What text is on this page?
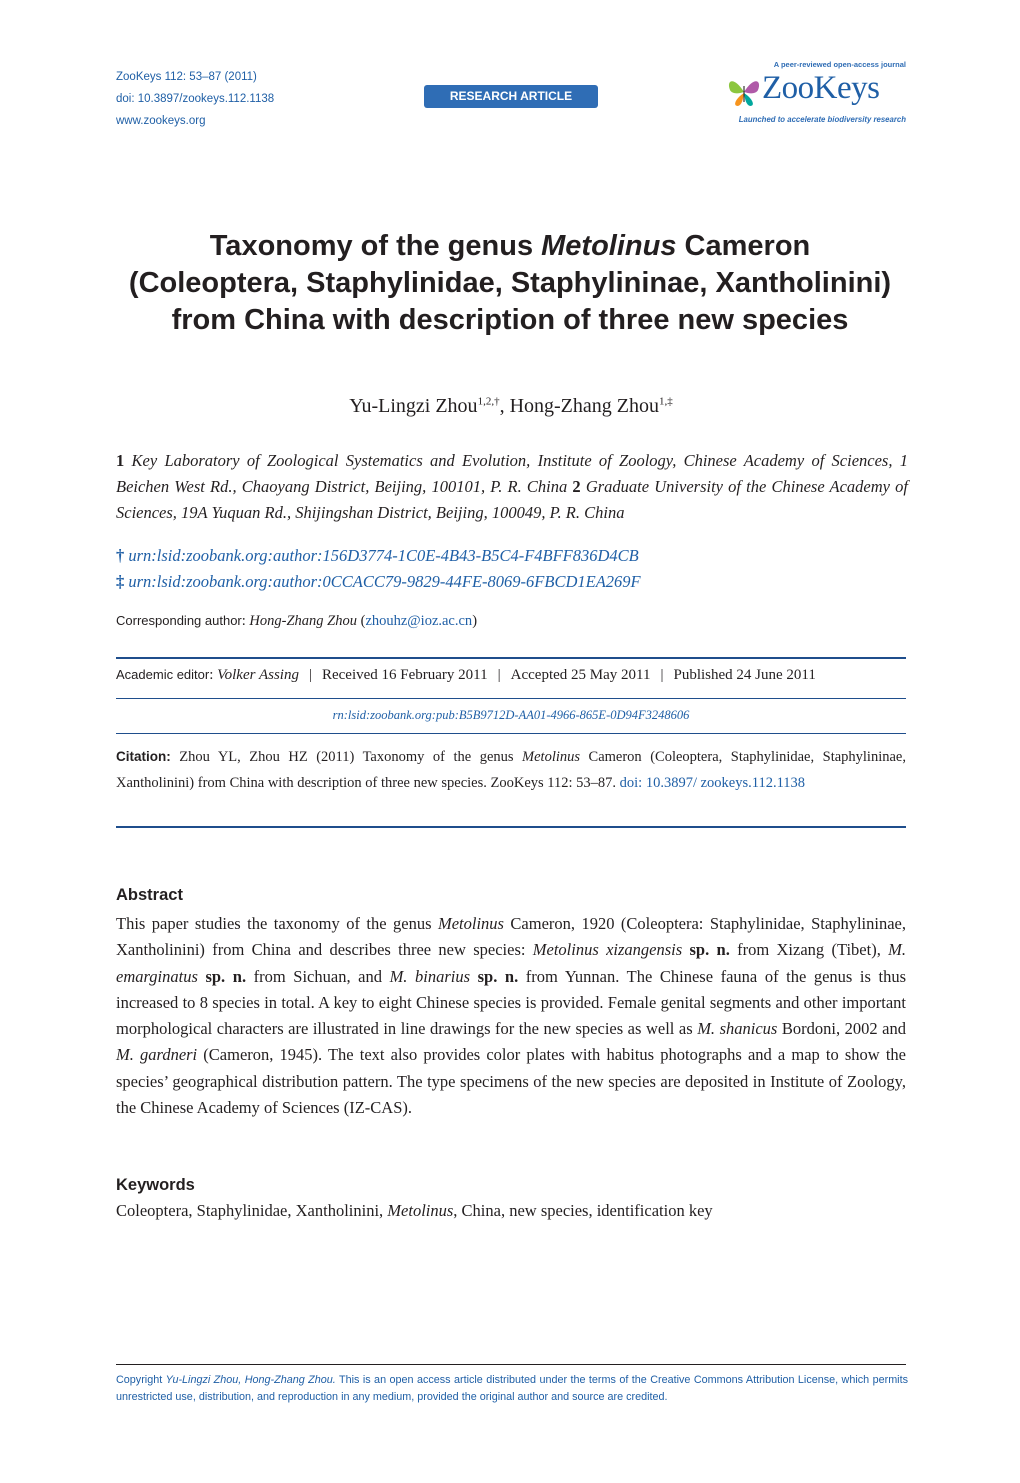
ZooKeys 112: 53–87 (2011)
doi: 10.3897/zookeys.112.1138
www.zookeys.org
RESEARCH ARTICLE
A peer-reviewed open-access journal
ZooKeys
Launched to accelerate biodiversity research
Taxonomy of the genus Metolinus Cameron
(Coleoptera, Staphylinidae, Staphylininae, Xantholinini)
from China with description of three new species
Yu-Lingzi Zhou$^{1,2,\dagger}$, Hong-Zhang Zhou$^{1,\ddagger}$
1 Key Laboratory of Zoological Systematics and Evolution, Institute of Zoology, Chinese Academy of Sciences, 1 Beichen West Rd., Chaoyang District, Beijing, 100101, P. R. China 2 Graduate University of the Chinese Academy of Sciences, 19A Yuquan Rd., Shijingshan District, Beijing, 100049, P. R. China
† urn:lsid:zoobank.org:author:156D3774-1C0E-4B43-B5C4-F4BFF836D4CB
‡ urn:lsid:zoobank.org:author:0CCACC79-9829-44FE-8069-6FBCD1EA269F
Corresponding author: Hong-Zhang Zhou (zhouhz@ioz.ac.cn)
Academic editor: Volker Assing | Received 16 February 2011 | Accepted 25 May 2011 | Published 24 June 2011
rn:lsid:zoobank.org:pub:B5B9712D-AA01-4966-865E-0D94F3248606
Citation: Zhou YL, Zhou HZ (2011) Taxonomy of the genus Metolinus Cameron (Coleoptera, Staphylinidae, Staphylininae, Xantholinini) from China with description of three new species. ZooKeys 112: 53–87. doi: 10.3897/ zookeys.112.1138
Abstract
This paper studies the taxonomy of the genus Metolinus Cameron, 1920 (Coleoptera: Staphylinidae, Staphylininae, Xantholinini) from China and describes three new species: Metolinus xizangensis sp. n. from Xizang (Tibet), M. emarginatus sp. n. from Sichuan, and M. binarius sp. n. from Yunnan. The Chinese fauna of the genus is thus increased to 8 species in total. A key to eight Chinese species is provided. Female genital segments and other important morphological characters are illustrated in line drawings for the new species as well as M. shanicus Bordoni, 2002 and M. gardneri (Cameron, 1945). The text also provides color plates with habitus photographs and a map to show the species’ geographical distribution pattern. The type specimens of the new species are deposited in Institute of Zoology, the Chinese Academy of Sciences (IZ-CAS).
Keywords
Coleoptera, Staphylinidae, Xantholinini, Metolinus, China, new species, identification key
Copyright Yu-Lingzi Zhou, Hong-Zhang Zhou. This is an open access article distributed under the terms of the Creative Commons Attribution License, which permits unrestricted use, distribution, and reproduction in any medium, provided the original author and source are credited.
